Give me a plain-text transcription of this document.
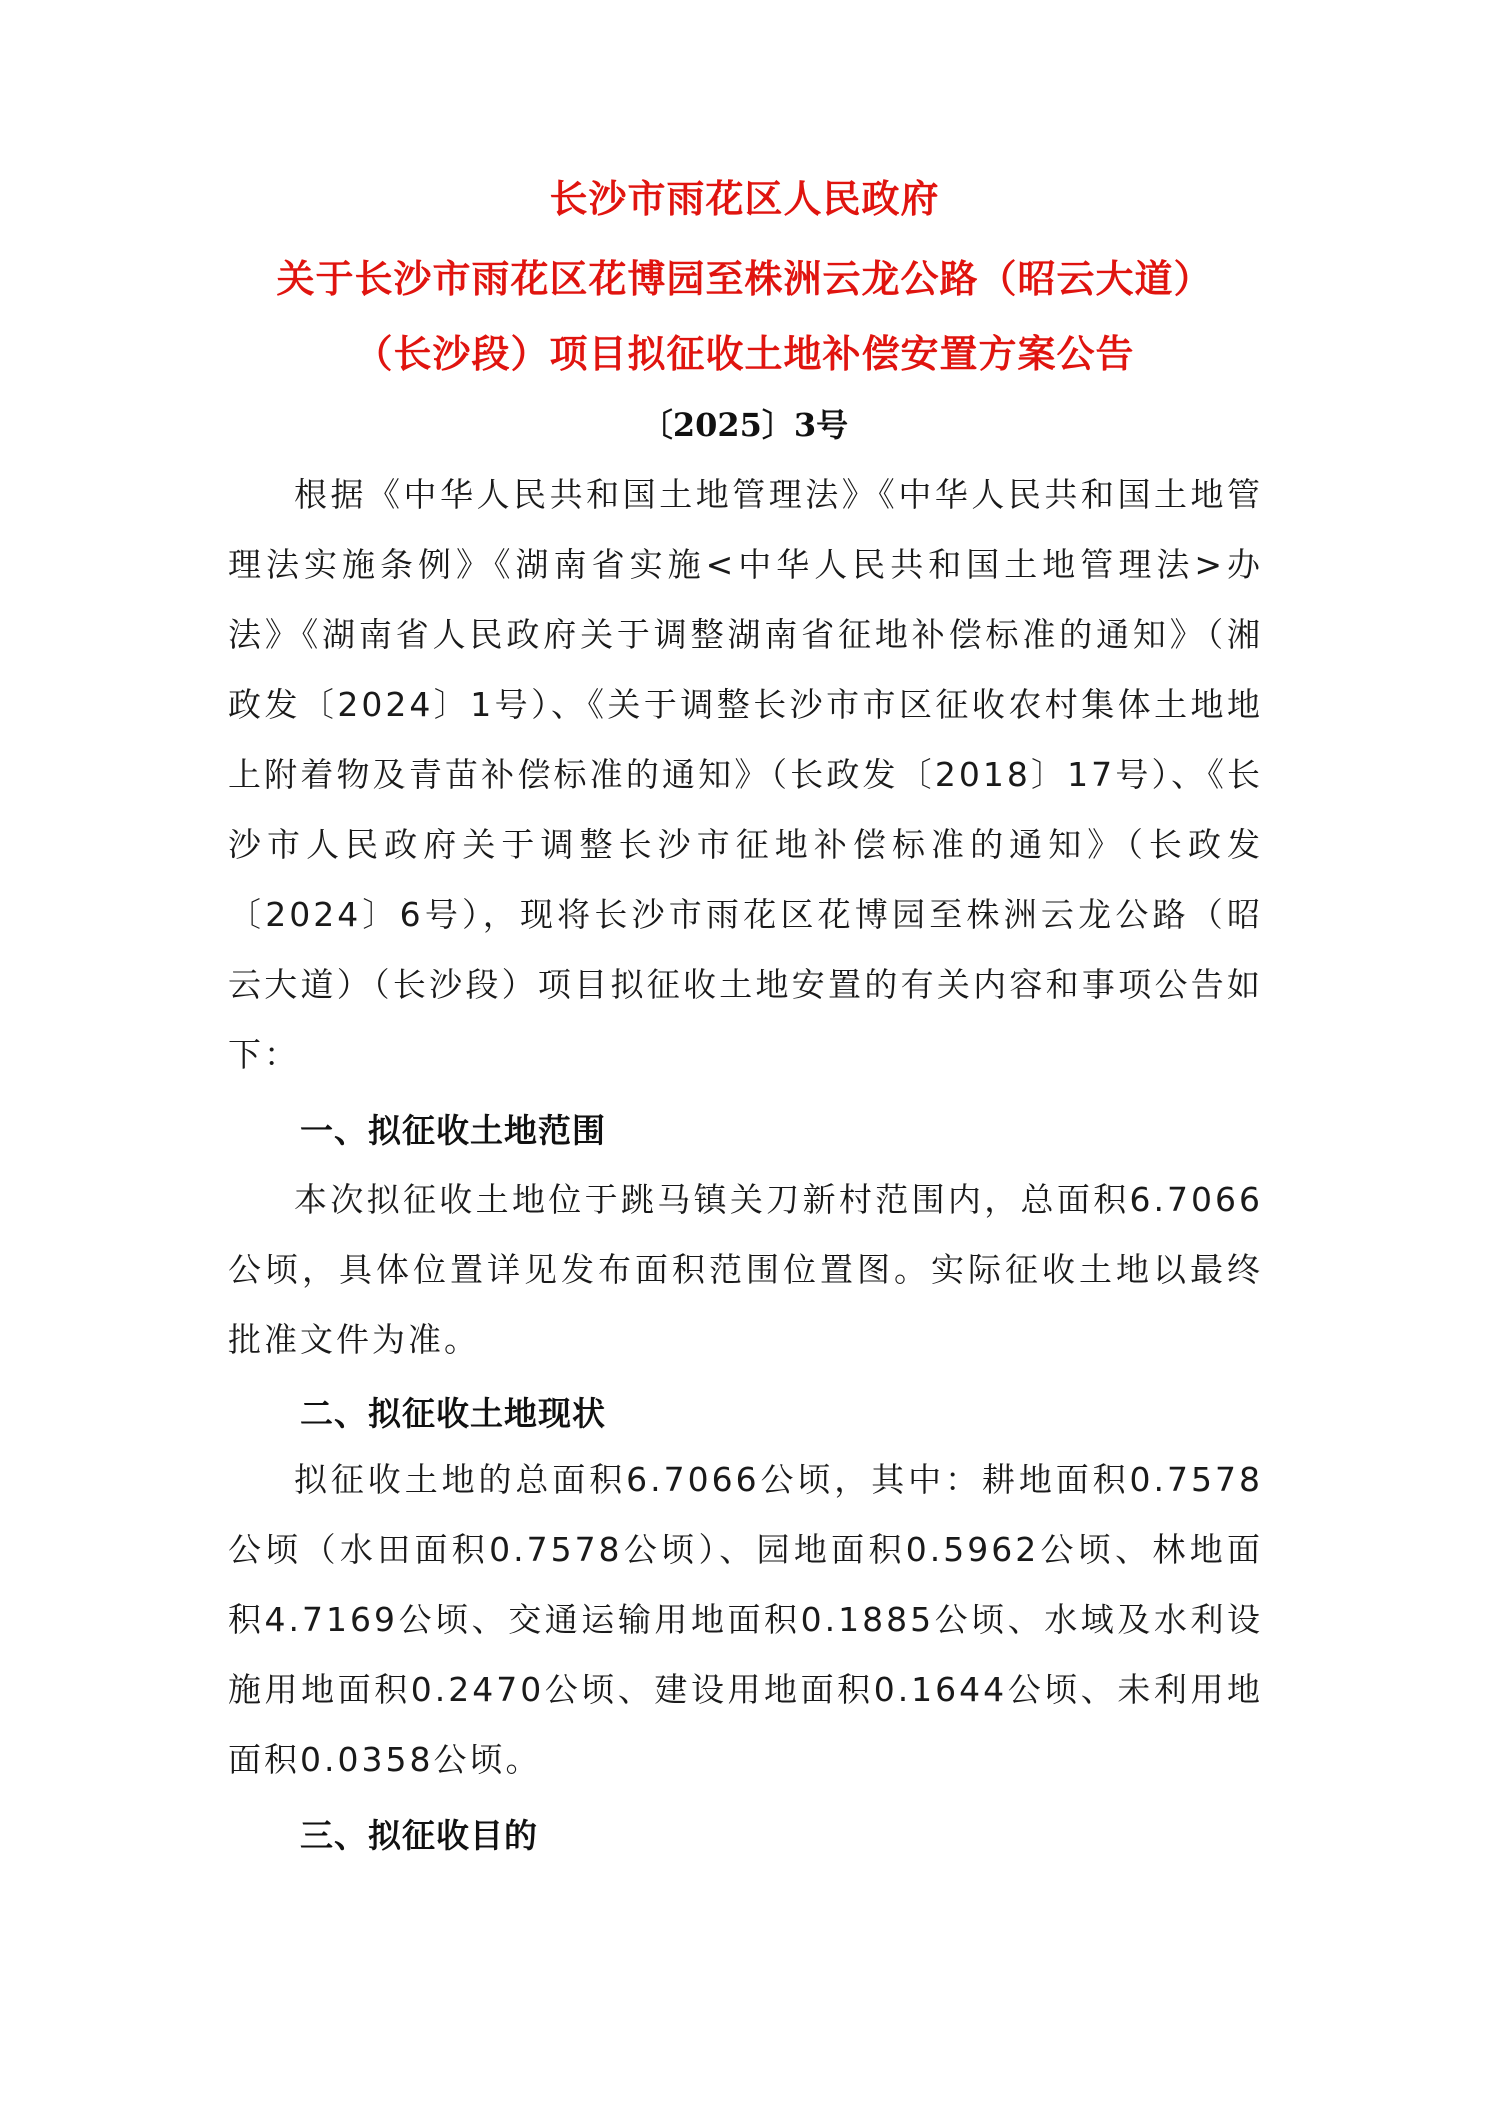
长沙市雨花区人民政府
关于长沙市雨花区花博园至株洲云龙公路（昭云大道）
（长沙段）项目拟征收土地补偿安置方案公告
〔2025〕3号
根据《中华人民共和国土地管理法》《中华人民共和国土地管理法实施条例》《湖南省实施<中华人民共和国土地管理法>办法》《湖南省人民政府关于调整湖南省征地补偿标准的通知》（湘政发〔2024〕1号）、《关于调整长沙市市区征收农村集体土地地上附着物及青苗补偿标准的通知》（长政发〔2018〕17号）、《长沙市人民政府关于调整长沙市征地补偿标准的通知》（长政发〔2024〕6号），现将长沙市雨花区花博园至株洲云龙公路（昭云大道）（长沙段）项目拟征收土地安置的有关内容和事项公告如下：
一、拟征收土地范围
本次拟征收土地位于跳马镇关刀新村范围内，总面积6.7066公顷，具体位置详见发布面积范围位置图。实际征收土地以最终批准文件为准。
二、拟征收土地现状
拟征收土地的总面积6.7066公顷，其中：耕地面积0.7578公顷（水田面积0.7578公顷）、园地面积0.5962公顷、林地面积4.7169公顷、交通运输用地面积0.1885公顷、水域及水利设施用地面积0.2470公顷、建设用地面积0.1644公顷、未利用地面积0.0358公顷。
三、拟征收目的
